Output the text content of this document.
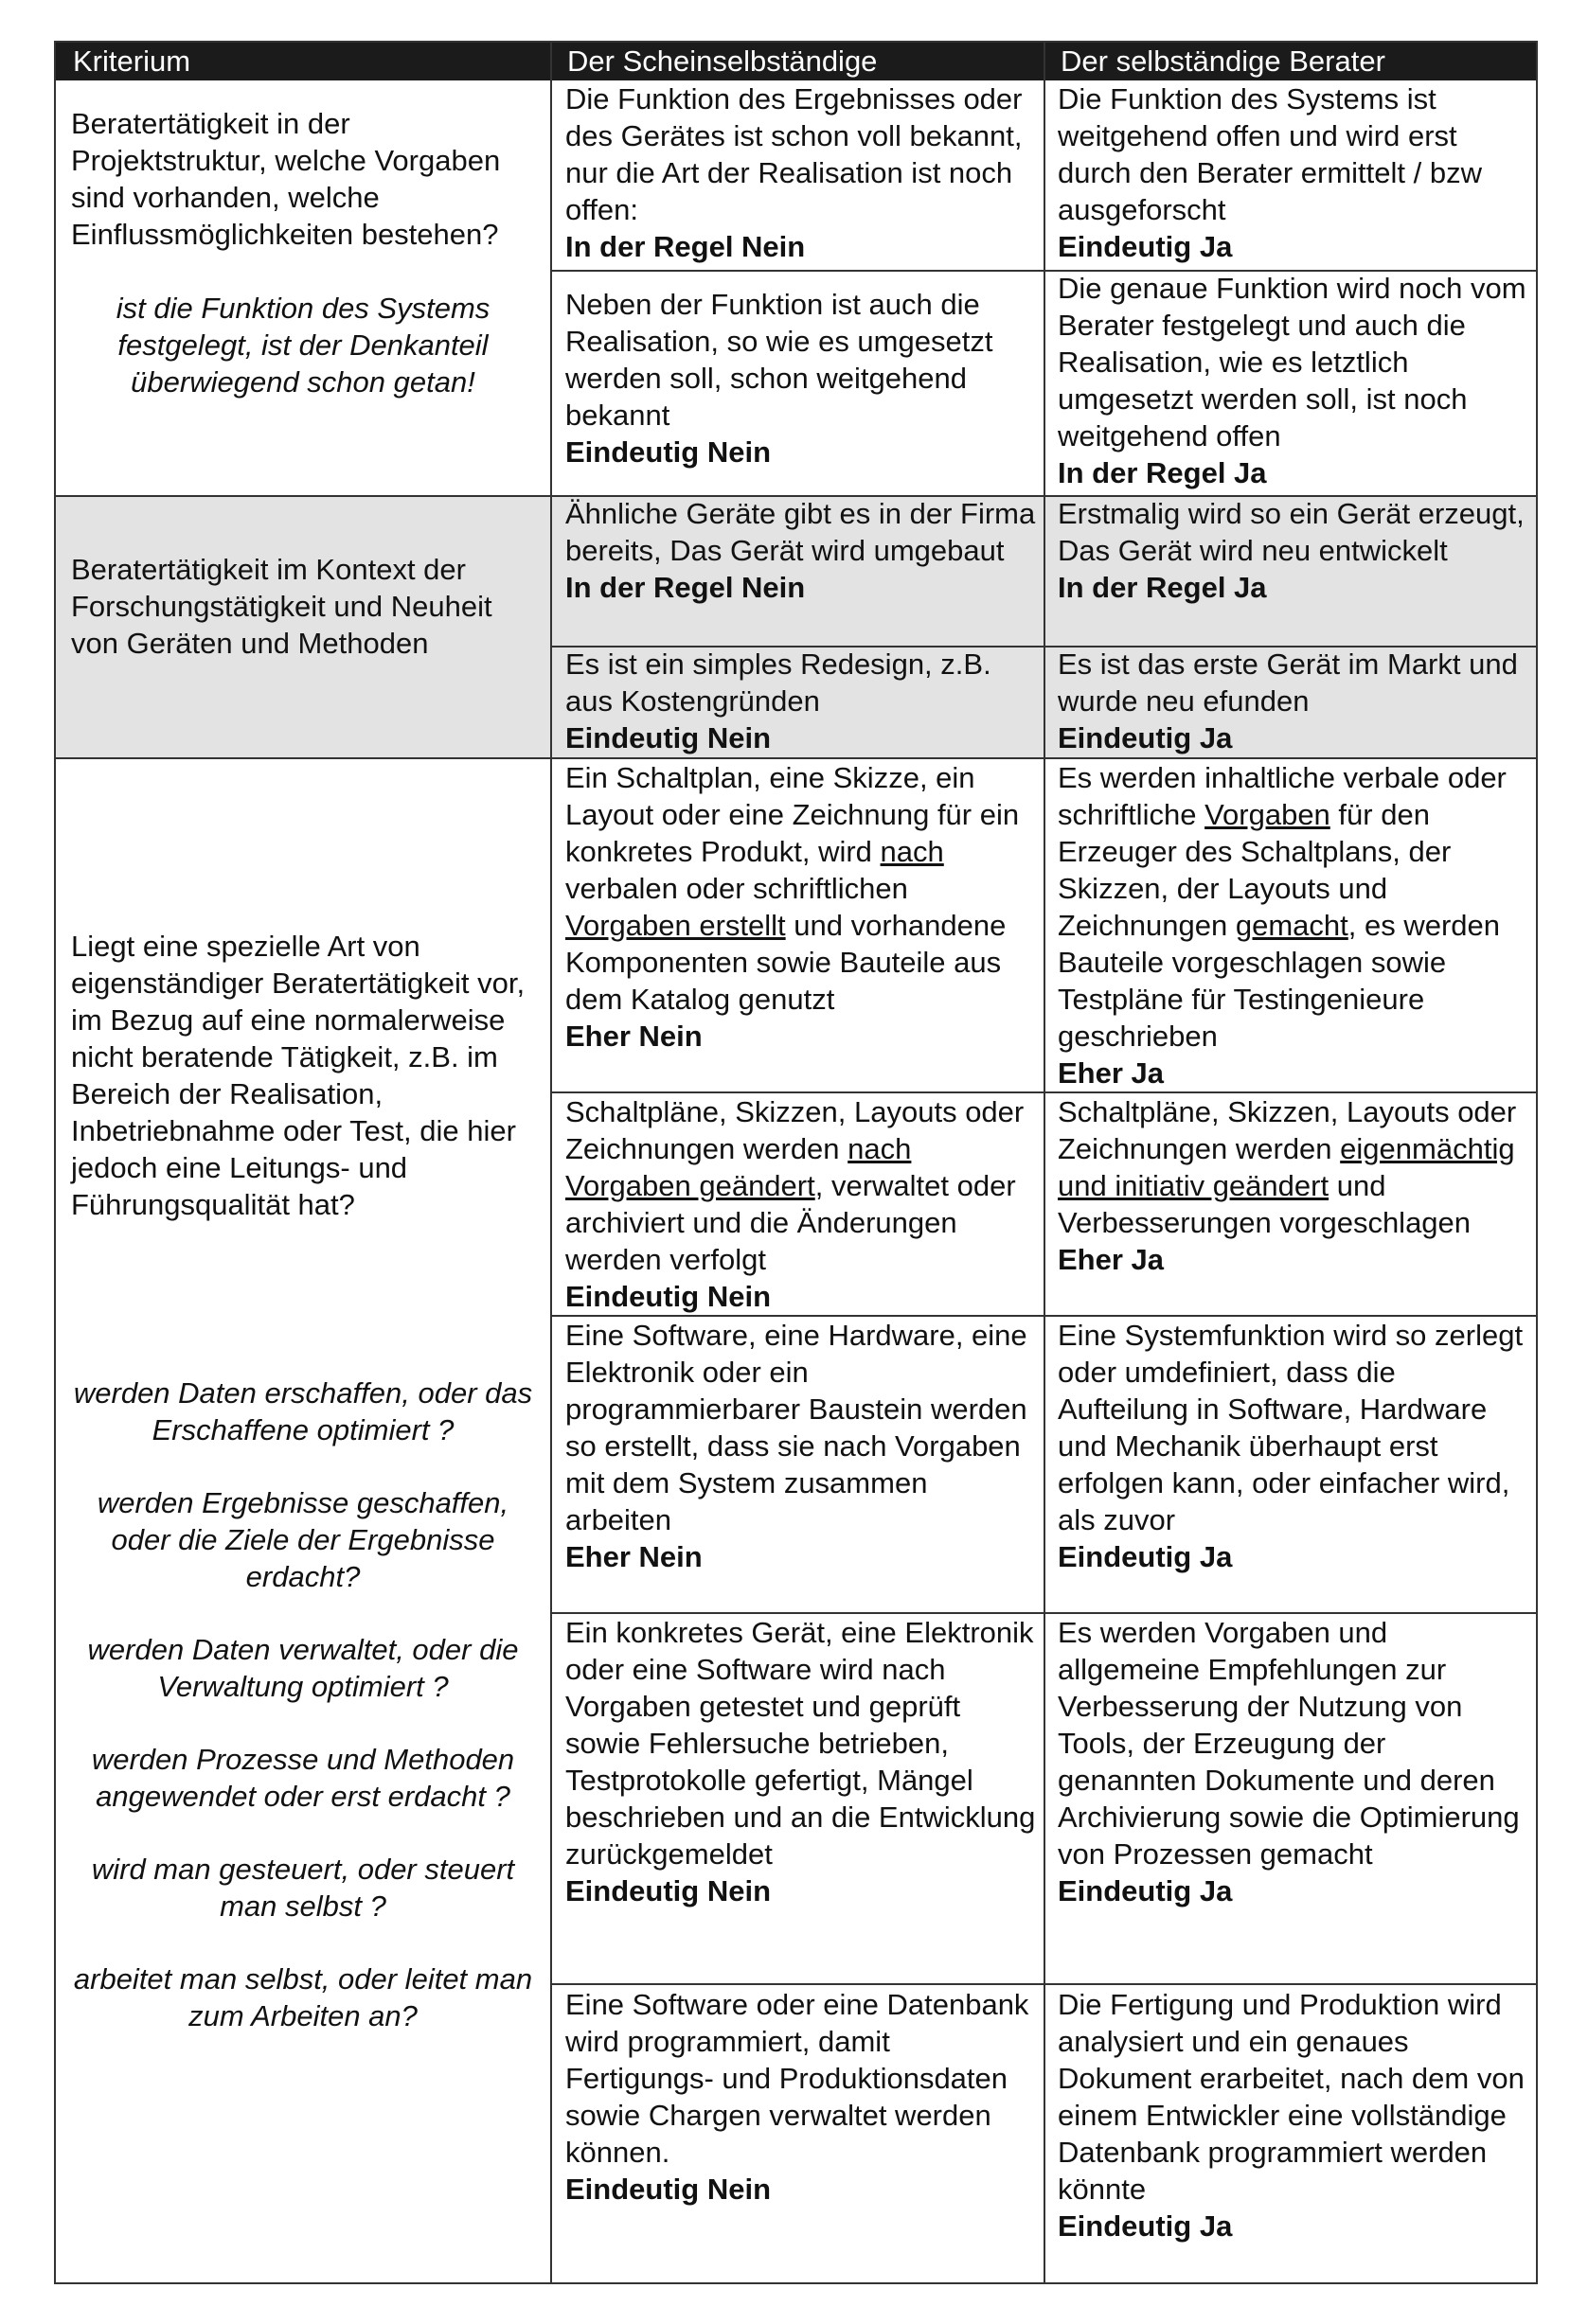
Kriterium	Der Scheinselbständige	Der selbständige Berater
Beratertätigkeit in der Projektstruktur, welche Vorgaben sind vorhanden, welche Einflussmöglichkeiten bestehen?
ist die Funktion des Systems festgelegt, ist der Denkanteil überwiegend schon getan!
Beratertätigkeit im Kontext der Forschungstätigkeit und Neuheit von Geräten und Methoden
Liegt eine spezielle Art von eigenständiger Beratertätigkeit vor, im Bezug auf eine normalerweise nicht beratende Tätigkeit, z.B. im Bereich der Realisation, Inbetriebnahme oder Test, die hier jedoch eine Leitungs- und Führungsqualität hat?
werden Daten erschaffen, oder das Erschaffene optimiert ?
werden Ergebnisse geschaffen, oder die Ziele der Ergebnisse erdacht?
werden Daten verwaltet, oder die Verwaltung optimiert ?
werden Prozesse und Methoden angewendet oder erst erdacht ?
wird man gesteuert, oder steuert man selbst ?
arbeitet man selbst, oder leitet man zum Arbeiten an?
Die Funktion des Ergebnisses oder des Gerätes ist schon voll bekannt, nur die Art der Realisation ist noch offen:
In der Regel Nein
Die Funktion des Systems ist weitgehend offen und wird erst durch den Berater ermittelt / bzw ausgeforscht
Eindeutig Ja
Neben der Funktion ist auch die Realisation, so wie es umgesetzt werden soll, schon weitgehend bekannt
Eindeutig Nein
Die genaue Funktion wird noch vom Berater festgelegt und auch die Realisation, wie es letztlich umgesetzt werden soll, ist noch weitgehend offen
In der Regel Ja
Ähnliche Geräte gibt es in der Firma bereits, Das Gerät wird umgebaut
In der Regel Nein
Erstmalig wird so ein Gerät erzeugt, Das Gerät wird neu entwickelt
In der Regel Ja
Es ist ein simples Redesign, z.B. aus Kostengründen
Eindeutig Nein
Es ist das erste Gerät im Markt und wurde neu efunden
Eindeutig Ja
Ein Schaltplan, eine Skizze, ein Layout oder eine Zeichnung für ein konkretes Produkt, wird nach verbalen oder schriftlichen Vorgaben erstellt und vorhandene Komponenten sowie Bauteile aus dem Katalog genutzt
Eher Nein
Es werden inhaltliche verbale oder schriftliche Vorgaben für den Erzeuger des Schaltplans, der Skizzen, der Layouts und Zeichnungen gemacht, es werden Bauteile vorgeschlagen sowie Testpläne für Testingenieure geschrieben
Eher Ja
Schaltpläne, Skizzen, Layouts oder Zeichnungen werden nach Vorgaben geändert, verwaltet oder archiviert und die Änderungen werden verfolgt
Eindeutig Nein
Schaltpläne, Skizzen, Layouts oder Zeichnungen werden eigenmächtig und initiativ geändert und Verbesserungen vorgeschlagen
Eher Ja
Eine Software, eine Hardware, eine Elektronik oder ein programmierbarer Baustein werden so erstellt, dass sie nach Vorgaben mit dem System zusammen arbeiten
Eher Nein
Eine Systemfunktion wird so zerlegt oder umdefiniert, dass die Aufteilung in Software, Hardware und Mechanik überhaupt erst erfolgen kann, oder einfacher wird, als zuvor
Eindeutig Ja
Ein konkretes Gerät, eine Elektronik oder eine Software wird nach Vorgaben getestet und geprüft sowie Fehlersuche betrieben, Testprotokolle gefertigt, Mängel beschrieben und an die Entwicklung zurückgemeldet
Eindeutig Nein
Es werden Vorgaben und allgemeine Empfehlungen zur Verbesserung der Nutzung von Tools, der Erzeugung der genannten Dokumente und deren Archivierung sowie die Optimierung von Prozessen gemacht
Eindeutig Ja
Eine Software oder eine Datenbank wird programmiert, damit Fertigungs- und Produktionsdaten sowie Chargen verwaltet werden können.
Eindeutig Nein
Die Fertigung und Produktion wird analysiert und ein genaues Dokument erarbeitet, nach dem von einem Entwickler eine vollständige Datenbank programmiert werden könnte
Eindeutig Ja
